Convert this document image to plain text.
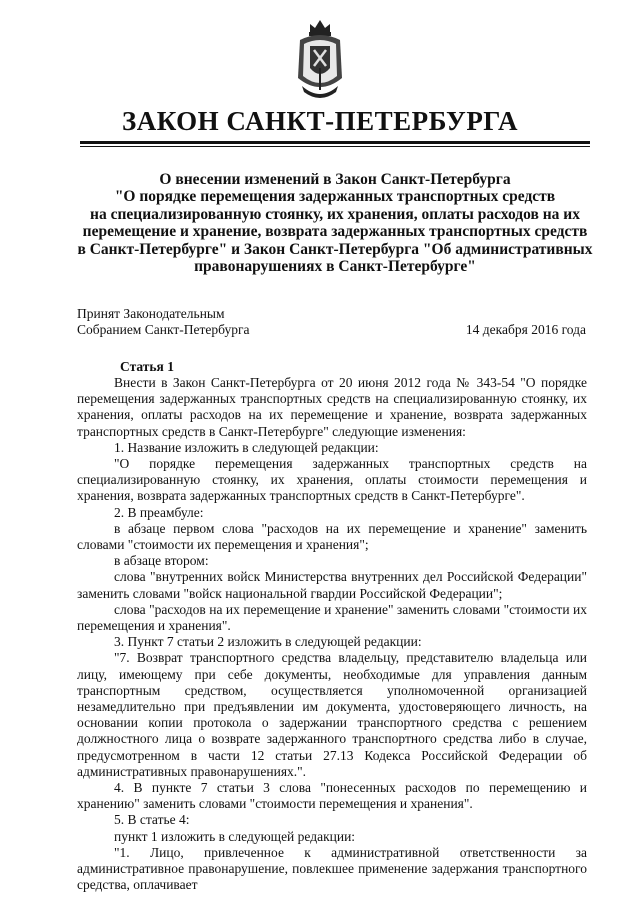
ЗАКОН САНКТ-ПЕТЕРБУРГА
О внесении изменений в Закон Санкт-Петербурга
"О порядке перемещения задержанных транспортных средств
на специализированную стоянку, их хранения, оплаты расходов на их
перемещение и хранение, возврата задержанных транспортных средств
в Санкт-Петербурге" и Закон Санкт-Петербурга "Об административных
правонарушениях в Санкт-Петербурге"
Принят Законодательным
Собранием Санкт-Петербурга	14 декабря 2016 года
Статья 1

Внести в Закон Санкт-Петербурга от 20 июня 2012 года № 343-54 "О порядке перемещения задержанных транспортных средств на специализированную стоянку, их хранения, оплаты расходов на их перемещение и хранение, возврата задержанных транспортных средств в Санкт-Петербурге" следующие изменения:

1. Название изложить в следующей редакции:

"О порядке перемещения задержанных транспортных средств на специализированную стоянку, их хранения, оплаты стоимости перемещения и хранения, возврата задержанных транспортных средств в Санкт-Петербурге".

2. В преамбуле:

в абзаце первом слова "расходов на их перемещение и хранение" заменить словами "стоимости их перемещения и хранения";

в абзаце втором:

слова "внутренних войск Министерства внутренних дел Российской Федерации" заменить словами "войск национальной гвардии Российской Федерации";

слова "расходов на их перемещение и хранение" заменить словами "стоимости их перемещения и хранения".

3. Пункт 7 статьи 2 изложить в следующей редакции:

"7. Возврат транспортного средства владельцу, представителю владельца или лицу, имеющему при себе документы, необходимые для управления данным транспортным средством, осуществляется уполномоченной организацией незамедлительно при предъявлении им документа, удостоверяющего личность, на основании копии протокола о задержании транспортного средства с решением должностного лица о возврате задержанного транспортного средства либо в случае, предусмотренном в части 12 статьи 27.13 Кодекса Российской Федерации об административных правонарушениях.".

4. В пункте 7 статьи 3 слова "понесенных расходов по перемещению и хранению" заменить словами "стоимости перемещения и хранения".

5. В статье 4:

пункт 1 изложить в следующей редакции:

"1. Лицо, привлеченное к административной ответственности за административное правонарушение, повлекшее применение задержания транспортного средства, оплачивает
